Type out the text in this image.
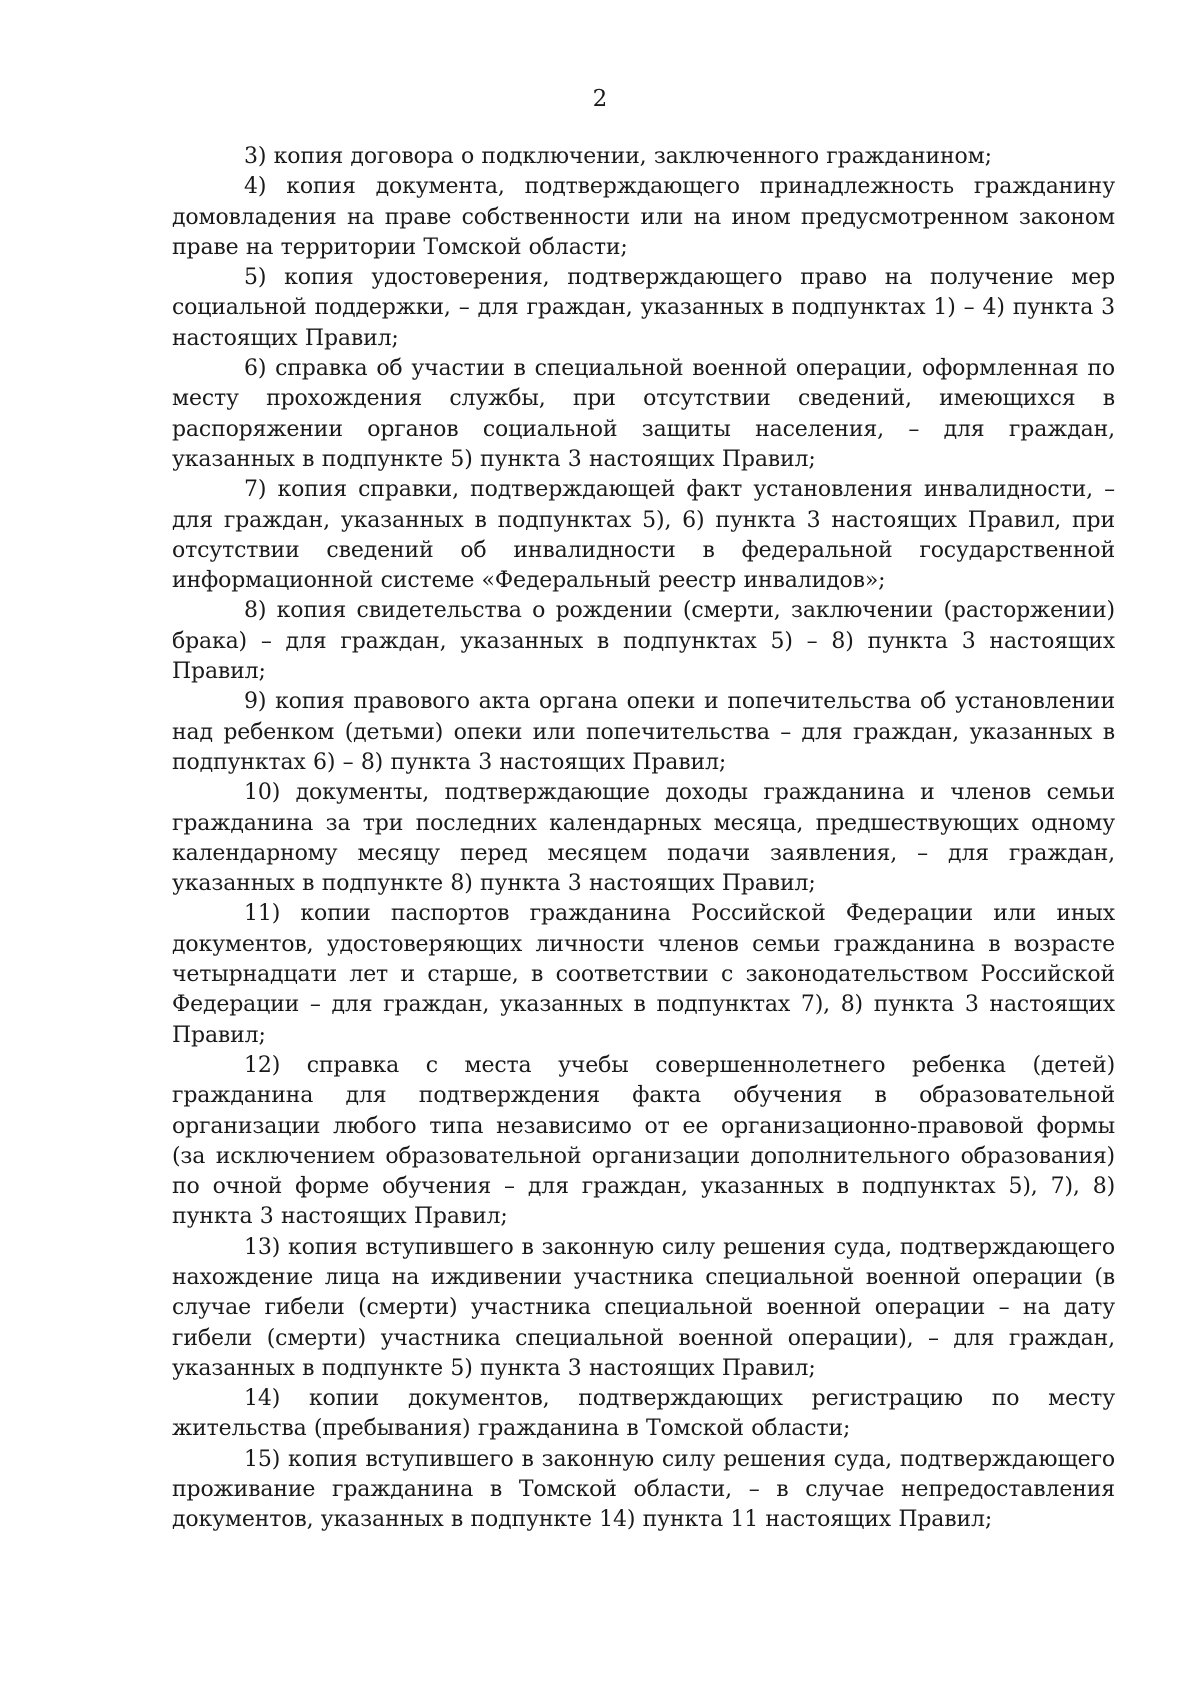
2

3) копия договора о подключении, заключенного гражданином;

4) копия документа, подтверждающего принадлежность гражданину домовладения на праве собственности или на ином предусмотренном законом праве на территории Томской области;

5) копия удостоверения, подтверждающего право на получение мер социальной поддержки, – для граждан, указанных в подпунктах 1) – 4) пункта 3 настоящих Правил;

6) справка об участии в специальной военной операции, оформленная по месту прохождения службы, при отсутствии сведений, имеющихся в распоряжении органов социальной защиты населения, – для граждан, указанных в подпункте 5) пункта 3 настоящих Правил;

7) копия справки, подтверждающей факт установления инвалидности, – для граждан, указанных в подпунктах 5), 6) пункта 3 настоящих Правил, при отсутствии сведений об инвалидности в федеральной государственной информационной системе «Федеральный реестр инвалидов»;

8) копия свидетельства о рождении (смерти, заключении (расторжении) брака) – для граждан, указанных в подпунктах 5) – 8) пункта 3 настоящих Правил;

9) копия правового акта органа опеки и попечительства об установлении над ребенком (детьми) опеки или попечительства – для граждан, указанных в подпунктах 6) – 8) пункта 3 настоящих Правил;

10) документы, подтверждающие доходы гражданина и членов семьи гражданина за три последних календарных месяца, предшествующих одному календарному месяцу перед месяцем подачи заявления, – для граждан, указанных в подпункте 8) пункта 3 настоящих Правил;

11) копии паспортов гражданина Российской Федерации или иных документов, удостоверяющих личности членов семьи гражданина в возрасте четырнадцати лет и старше, в соответствии с законодательством Российской Федерации – для граждан, указанных в подпунктах 7), 8) пункта 3 настоящих Правил;

12) справка с места учебы совершеннолетнего ребенка (детей) гражданина для подтверждения факта обучения в образовательной организации любого типа независимо от ее организационно-правовой формы (за исключением образовательной организации дополнительного образования) по очной форме обучения – для граждан, указанных в подпунктах 5), 7), 8) пункта 3 настоящих Правил;

13) копия вступившего в законную силу решения суда, подтверждающего нахождение лица на иждивении участника специальной военной операции (в случае гибели (смерти) участника специальной военной операции – на дату гибели (смерти) участника специальной военной операции), – для граждан, указанных в подпункте 5) пункта 3 настоящих Правил;

14) копии документов, подтверждающих регистрацию по месту жительства (пребывания) гражданина в Томской области;

15) копия вступившего в законную силу решения суда, подтверждающего проживание гражданина в Томской области, – в случае непредоставления документов, указанных в подпункте 14) пункта 11 настоящих Правил;
